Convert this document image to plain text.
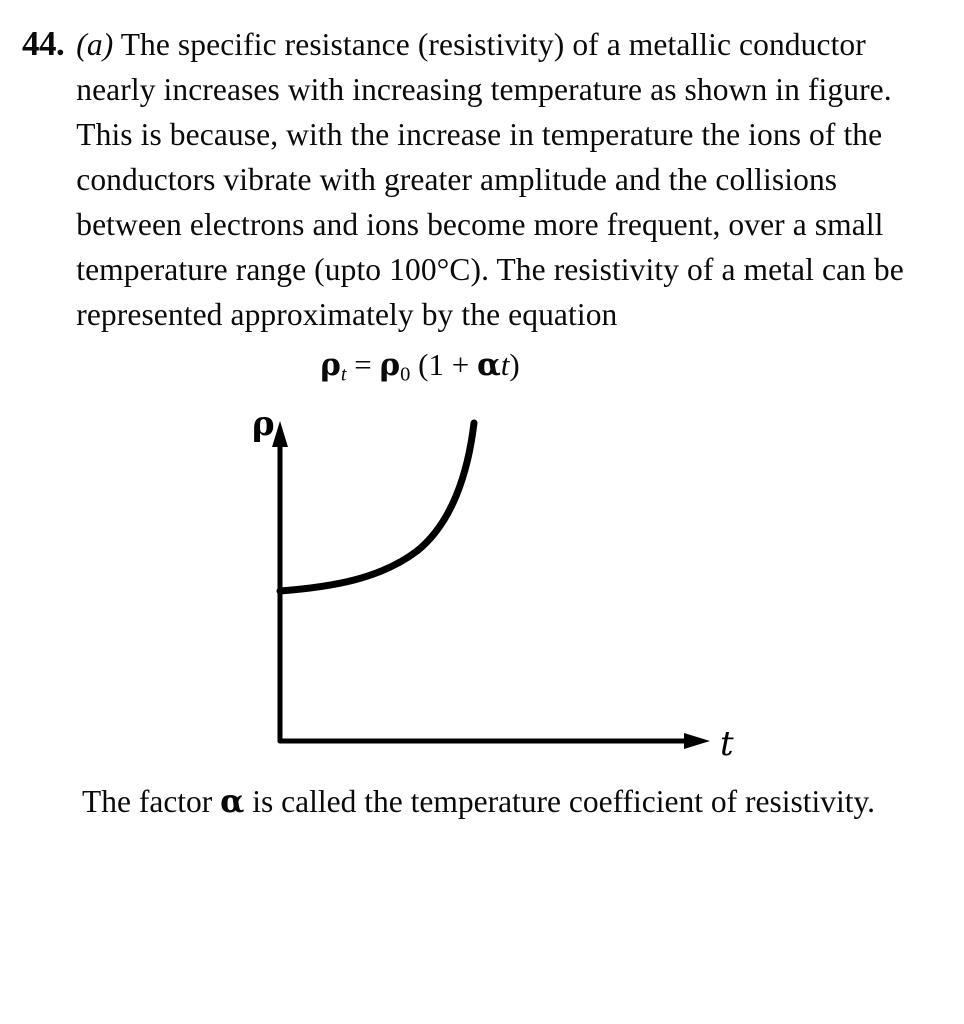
44. (a) The specific resistance (resistivity) of a metallic conductor nearly increases with increasing temperature as shown in figure. This is because, with the increase in temperature the ions of the conductors vibrate with greater amplitude and the collisions between electrons and ions become more frequent, over a small temperature range (upto 100°C). The resistivity of a metal can be represented approximately by the equation
$\rho_t = \rho_0$ (1 + αt)
ρ
t
The factor α is called the temperature coefficient of resistivity.
